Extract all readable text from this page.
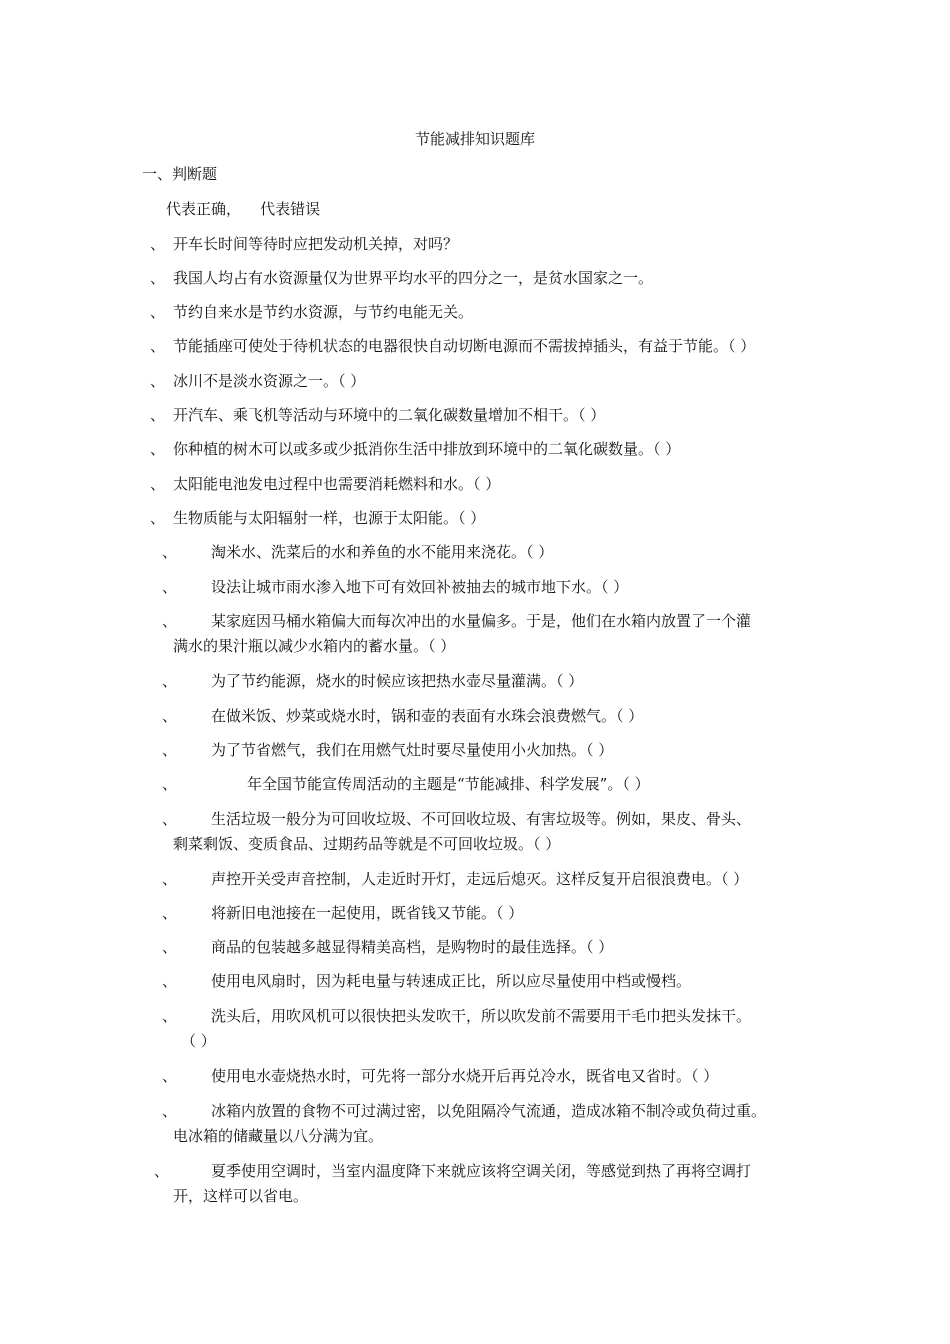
节能减排知识题库
一、判断题
代表正确，    代表错误
、 开车长时间等待时应把发动机关掉，对吗？
、 我国人均占有水资源量仅为世界平均水平的四分之一，是贫水国家之一。
、 节约自来水是节约水资源，与节约电能无关。
、 节能插座可使处于待机状态的电器很快自动切断电源而不需拔掉插头，有益于节能。（ ）
、 冰川不是淡水资源之一。（ ）
、 开汽车、乘飞机等活动与环境中的二氧化碳数量增加不相干。（ ）
、 你种植的树木可以或多或少抵消你生活中排放到环境中的二氧化碳数量。（ ）
、 太阳能电池发电过程中也需要消耗燃料和水。（ ）
、 生物质能与太阳辐射一样，也源于太阳能。（ ）
、 淘米水、洗菜后的水和养鱼的水不能用来浇花。（ ）
、 设法让城市雨水渗入地下可有效回补被抽去的城市地下水。（ ）
、 某家庭因马桶水箱偏大而每次冲出的水量偏多。于是，他们在水箱内放置了一个灌
满水的果汁瓶以减少水箱内的蓄水量。（ ）
、 为了节约能源，烧水的时候应该把热水壶尽量灌满。（ ）
、 在做米饭、炒菜或烧水时，锅和壶的表面有水珠会浪费燃气。（ ）
、 为了节省燃气，我们在用燃气灶时要尽量使用小火加热。（ ）
、	年全国节能宣传周活动的主题是“节能减排、科学发展”。（ ）
、 生活垃圾一般分为可回收垃圾、不可回收垃圾、有害垃圾等。例如，果皮、骨头、
剩菜剩饭、变质食品、过期药品等就是不可回收垃圾。（ ）
、 声控开关受声音控制，人走近时开灯，走远后熄灭。这样反复开启很浪费电。（ ）
、 将新旧电池接在一起使用，既省钱又节能。（ ）
、 商品的包装越多越显得精美高档，是购物时的最佳选择。（ ）
、 使用电风扇时，因为耗电量与转速成正比，所以应尽量使用中档或慢档。
、 洗头后，用吹风机可以很快把头发吹干，所以吹发前不需要用干毛巾把头发抹干。
（ ）
、 使用电水壶烧热水时，可先将一部分水烧开后再兑冷水，既省电又省时。（ ）
、 冰箱内放置的食物不可过满过密，以免阻隔冷气流通，造成冰箱不制冷或负荷过重。
电冰箱的储藏量以八分满为宜。
、	夏季使用空调时，当室内温度降下来就应该将空调关闭，等感觉到热了再将空调打
开，这样可以省电。
